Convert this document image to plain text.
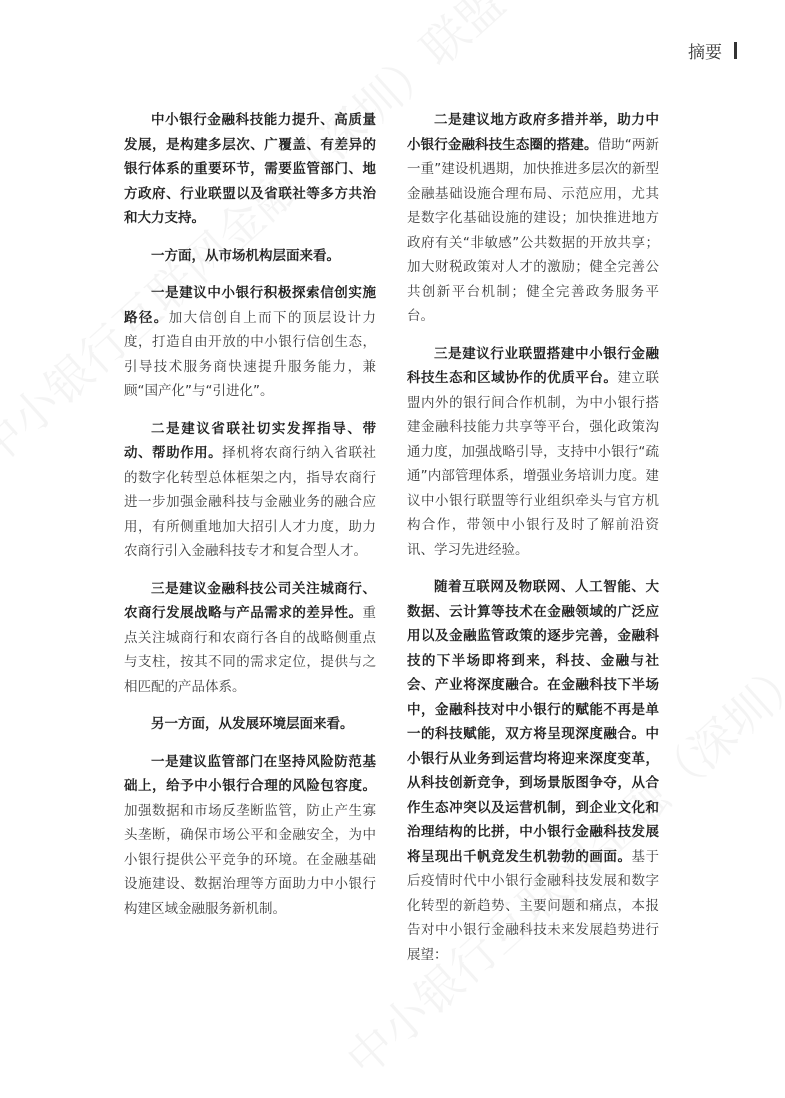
摘要

中小银行金融科技能力提升、高质量发展，是构建多层次、广覆盖、有差异的银行体系的重要环节，需要监管部门、地方政府、行业联盟以及省联社等多方共治和大力支持。

一方面，从市场机构层面来看。

一是建议中小银行积极探索信创实施路径。加大信创自上而下的顶层设计力度，打造自由开放的中小银行信创生态，引导技术服务商快速提升服务能力，兼顾“国产化”与“引进化”。

二是建议省联社切实发挥指导、带动、帮助作用。择机将农商行纳入省联社的数字化转型总体框架之内，指导农商行进一步加强金融科技与金融业务的融合应用，有所侧重地加大招引人才力度，助力农商行引入金融科技专才和复合型人才。

三是建议金融科技公司关注城商行、农商行发展战略与产品需求的差异性。重点关注城商行和农商行各自的战略侧重点与支柱，按其不同的需求定位，提供与之相匹配的产品体系。

另一方面，从发展环境层面来看。

一是建议监管部门在坚持风险防范基础上，给予中小银行合理的风险包容度。加强数据和市场反垄断监管，防止产生寡头垄断，确保市场公平和金融安全，为中小银行提供公平竞争的环境。在金融基础设施建设、数据治理等方面助力中小银行构建区域金融服务新机制。

二是建议地方政府多措并举，助力中小银行金融科技生态圈的搭建。借助“两新一重”建设机遇期，加快推进多层次的新型金融基础设施合理布局、示范应用，尤其是数字化基础设施的建设；加快推进地方政府有关“非敏感”公共数据的开放共享；加大财税政策对人才的激励；健全完善公共创新平台机制；健全完善政务服务平台。

三是建议行业联盟搭建中小银行金融科技生态和区域协作的优质平台。建立联盟内外的银行间合作机制，为中小银行搭建金融科技能力共享等平台，强化政策沟通力度，加强战略引导，支持中小银行“疏通”内部管理体系，增强业务培训力度。建议中小银行联盟等行业组织牵头与官方机构合作，带领中小银行及时了解前沿资讯、学习先进经验。

随着互联网及物联网、人工智能、大数据、云计算等技术在金融领域的广泛应用以及金融监管政策的逐步完善，金融科技的下半场即将到来，科技、金融与社会、产业将深度融合。在金融科技下半场中，金融科技对中小银行的赋能不再是单一的科技赋能，双方将呈现深度融合。中小银行从业务到运营均将迎来深度变革，从科技创新竞争，到场景版图争夺，从合作生态冲突以及运营机制，到企业文化和治理结构的比拼，中小银行金融科技发展将呈现出千帆竞发生机勃勃的画面。基于后疫情时代中小银行金融科技发展和数字化转型的新趋势、主要问题和痛点，本报告对中小银行金融科技未来发展趋势进行展望：
